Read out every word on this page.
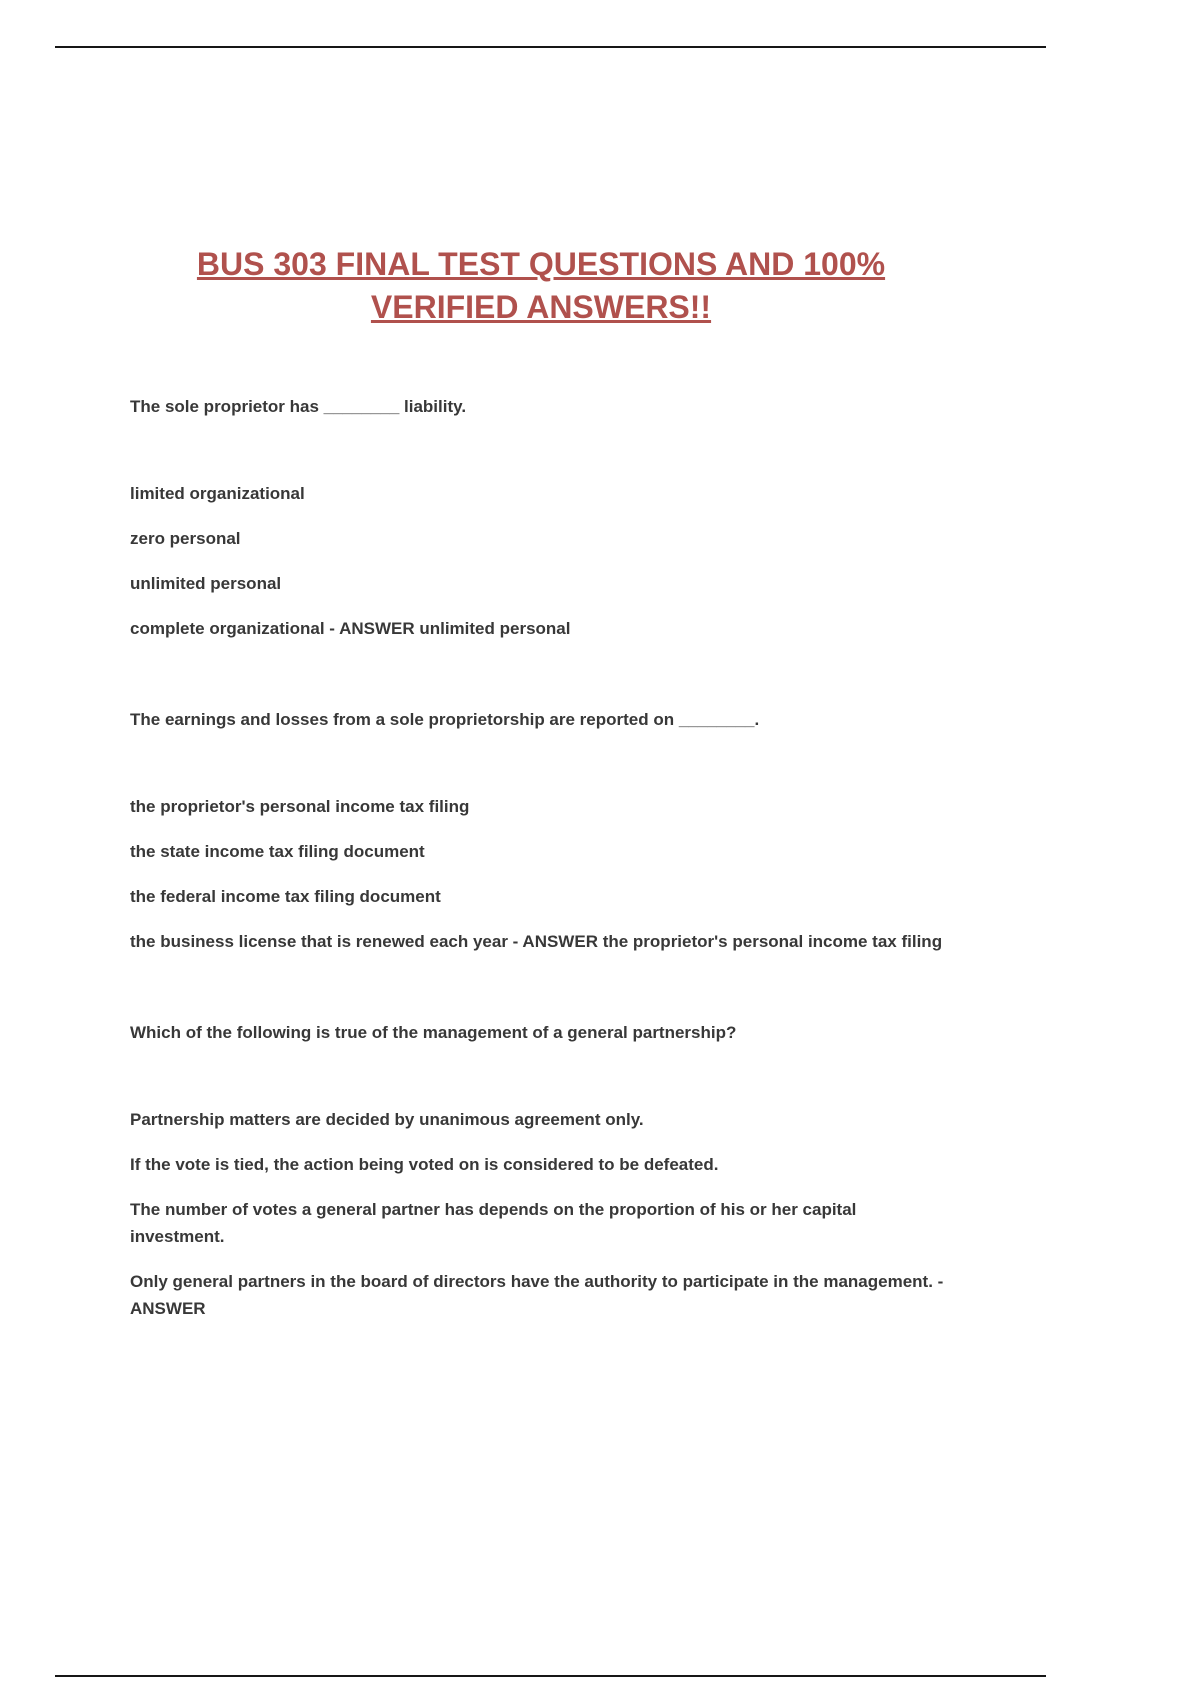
BUS 303 FINAL TEST QUESTIONS AND 100%
VERIFIED ANSWERS!!

The sole proprietor has ________ liability.

limited organizational

zero personal

unlimited personal

complete organizational - ANSWER unlimited personal

The earnings and losses from a sole proprietorship are reported on ________.

the proprietor's personal income tax filing

the state income tax filing document

the federal income tax filing document

the business license that is renewed each year - ANSWER the proprietor's personal income tax filing

Which of the following is true of the management of a general partnership?

Partnership matters are decided by unanimous agreement only.

If the vote is tied, the action being voted on is considered to be defeated.

The number of votes a general partner has depends on the proportion of his or her capital investment.

Only general partners in the board of directors have the authority to participate in the management. - ANSWER
